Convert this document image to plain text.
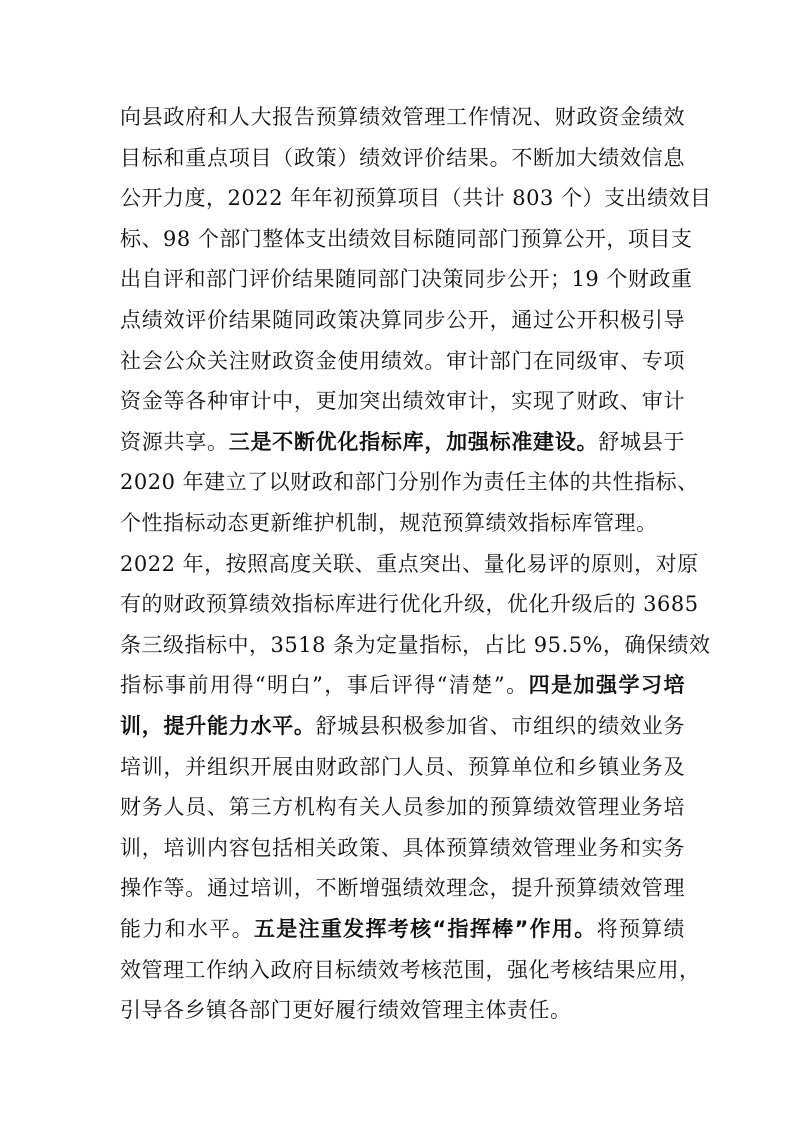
向县政府和人大报告预算绩效管理工作情况、财政资金绩效
目标和重点项目（政策）绩效评价结果。不断加大绩效信息
公开力度，2022 年年初预算项目（共计 803 个）支出绩效目
标、98 个部门整体支出绩效目标随同部门预算公开，项目支
出自评和部门评价结果随同部门决策同步公开；19 个财政重
点绩效评价结果随同政策决算同步公开，通过公开积极引导
社会公众关注财政资金使用绩效。审计部门在同级审、专项
资金等各种审计中，更加突出绩效审计，实现了财政、审计
资源共享。三是不断优化指标库，加强标准建设。舒城县于
2020 年建立了以财政和部门分别作为责任主体的共性指标、
个性指标动态更新维护机制，规范预算绩效指标库管理。
2022 年，按照高度关联、重点突出、量化易评的原则，对原
有的财政预算绩效指标库进行优化升级，优化升级后的 3685
条三级指标中，3518 条为定量指标，占比 95.5%，确保绩效
指标事前用得“明白”，事后评得“清楚”。四是加强学习培
训，提升能力水平。舒城县积极参加省、市组织的绩效业务
培训，并组织开展由财政部门人员、预算单位和乡镇业务及
财务人员、第三方机构有关人员参加的预算绩效管理业务培
训，培训内容包括相关政策、具体预算绩效管理业务和实务
操作等。通过培训，不断增强绩效理念，提升预算绩效管理
能力和水平。五是注重发挥考核“指挥棒”作用。将预算绩
效管理工作纳入政府目标绩效考核范围，强化考核结果应用，
引导各乡镇各部门更好履行绩效管理主体责任。
